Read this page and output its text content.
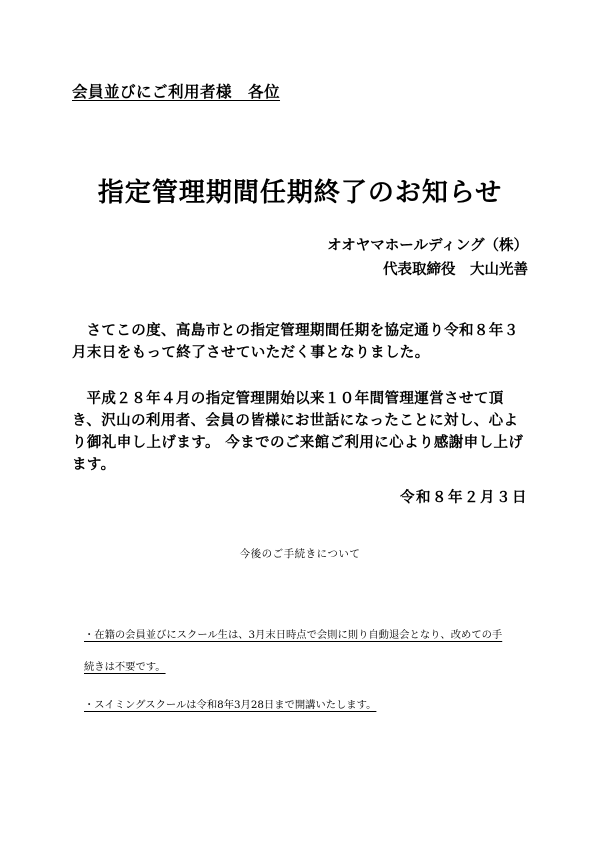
会員並びにご利用者様　各位
指定管理期間任期終了のお知らせ
オオヤマホールディング（株）
代表取締役　大山光善

さてこの度、高島市との指定管理期間任期を協定通り令和８年３月末日をもって終了させていただく事となりました。

平成２８年４月の指定管理開始以来１０年間管理運営させて頂き、沢山の利用者、会員の皆様にお世話になったことに対し、心より御礼申し上げます。 今までのご来館ご利用に心より感謝申し上げます。

令和８年２月３日
今後のご手続きについて
・在籍の会員並びにスクール生は、3月末日時点で会則に則り自動退会となり、改めての手
続きは不要です。
・スイミングスクールは令和8年3月28日まで開講いたします。
